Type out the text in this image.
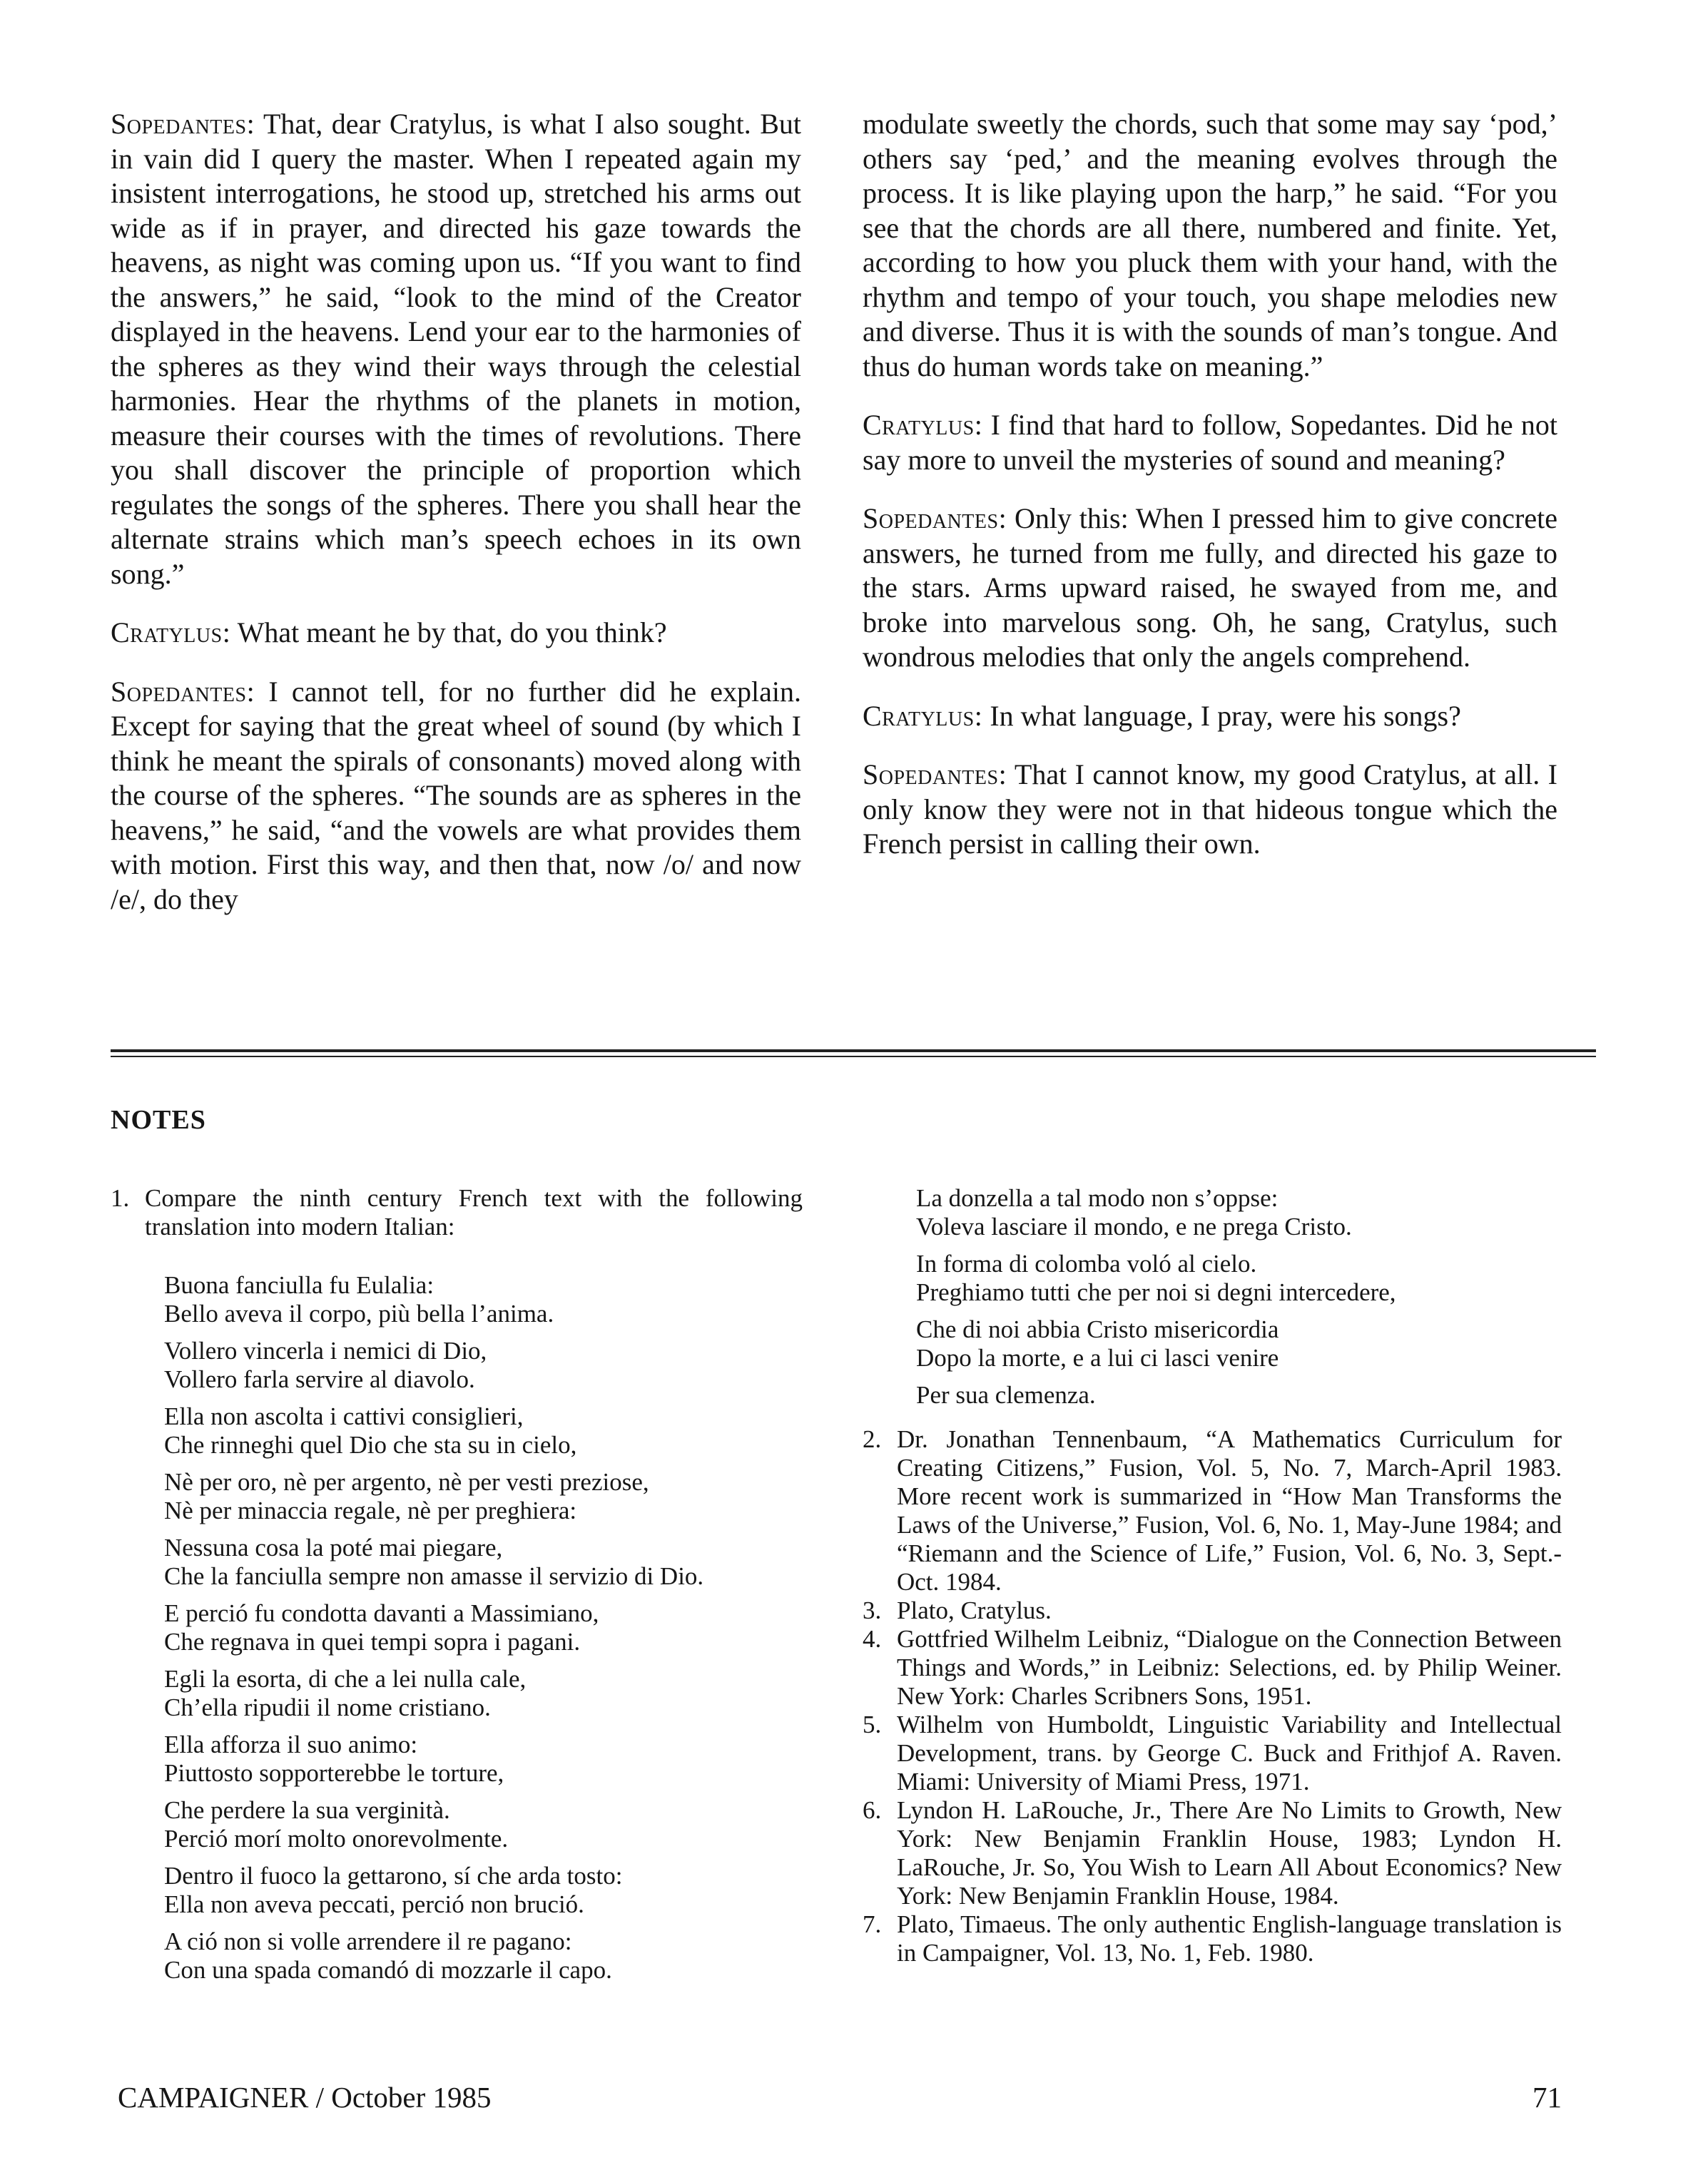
Sopedantes: That, dear Cratylus, is what I also sought. But in vain did I query the master. When I repeated again my insistent interrogations, he stood up, stretched his arms out wide as if in prayer, and directed his gaze towards the heavens, as night was coming upon us. “If you want to find the answers,” he said, “look to the mind of the Creator displayed in the heavens. Lend your ear to the harmonies of the spheres as they wind their ways through the celestial harmonies. Hear the rhythms of the planets in motion, measure their courses with the times of revolutions. There you shall discover the principle of proportion which regulates the songs of the spheres. There you shall hear the alternate strains which man’s speech echoes in its own song.”

Cratylus: What meant he by that, do you think?

Sopedantes: I cannot tell, for no further did he explain. Except for saying that the great wheel of sound (by which I think he meant the spirals of consonants) moved along with the course of the spheres. “The sounds are as spheres in the heavens,” he said, “and the vowels are what provides them with motion. First this way, and then that, now /o/ and now /e/, do they

modulate sweetly the chords, such that some may say ‘pod,’ others say ‘ped,’ and the meaning evolves through the process. It is like playing upon the harp,” he said. “For you see that the chords are all there, numbered and finite. Yet, according to how you pluck them with your hand, with the rhythm and tempo of your touch, you shape melodies new and diverse. Thus it is with the sounds of man’s tongue. And thus do human words take on meaning.”

Cratylus: I find that hard to follow, Sopedantes. Did he not say more to unveil the mysteries of sound and meaning?

Sopedantes: Only this: When I pressed him to give concrete answers, he turned from me fully, and directed his gaze to the stars. Arms upward raised, he swayed from me, and broke into marvelous song. Oh, he sang, Cratylus, such wondrous melodies that only the angels comprehend.

Cratylus: In what language, I pray, were his songs?

Sopedantes: That I cannot know, my good Cratylus, at all. I only know they were not in that hideous tongue which the French persist in calling their own.

NOTES
1. Compare the ninth century French text with the following translation into modern Italian:
Buona fanciulla fu Eulalia:
Bello aveva il corpo, più bella l’anima.
Vollero vincerla i nemici di Dio,
Vollero farla servire al diavolo.
Ella non ascolta i cattivi consiglieri,
Che rinneghi quel Dio che sta su in cielo,
Nè per oro, nè per argento, nè per vesti preziose,
Nè per minaccia regale, nè per preghiera:
Nessuna cosa la poté mai piegare,
Che la fanciulla sempre non amasse il servizio di Dio.
E perció fu condotta davanti a Massimiano,
Che regnava in quei tempi sopra i pagani.
Egli la esorta, di che a lei nulla cale,
Ch’ella ripudii il nome cristiano.
Ella afforza il suo animo:
Piuttosto sopporterebbe le torture,
Che perdere la sua verginità.
Perció morí molto onorevolmente.
Dentro il fuoco la gettarono, sí che arda tosto:
Ella non aveva peccati, perció non brució.
A ció non si volle arrendere il re pagano:
Con una spada comandó di mozzarle il capo.
La donzella a tal modo non s’oppse:
Voleva lasciare il mondo, e ne prega Cristo.
In forma di colomba voló al cielo.
Preghiamo tutti che per noi si degni intercedere,
Che di noi abbia Cristo misericordia
Dopo la morte, e a lui ci lasci venire
Per sua clemenza.
2. Dr. Jonathan Tennenbaum, “A Mathematics Curriculum for Creating Citizens,” Fusion, Vol. 5, No. 7, March-April 1983. More recent work is summarized in “How Man Transforms the Laws of the Universe,” Fusion, Vol. 6, No. 1, May-June 1984; and “Riemann and the Science of Life,” Fusion, Vol. 6, No. 3, Sept.-Oct. 1984.
3. Plato, Cratylus.
4. Gottfried Wilhelm Leibniz, “Dialogue on the Connection Between Things and Words,” in Leibniz: Selections, ed. by Philip Weiner. New York: Charles Scribners Sons, 1951.
5. Wilhelm von Humboldt, Linguistic Variability and Intellectual Development, trans. by George C. Buck and Frithjof A. Raven. Miami: University of Miami Press, 1971.
6. Lyndon H. LaRouche, Jr., There Are No Limits to Growth, New York: New Benjamin Franklin House, 1983; Lyndon H. LaRouche, Jr. So, You Wish to Learn All About Economics? New York: New Benjamin Franklin House, 1984.
7. Plato, Timaeus. The only authentic English-language translation is in Campaigner, Vol. 13, No. 1, Feb. 1980.
CAMPAIGNER / October 1985	71
